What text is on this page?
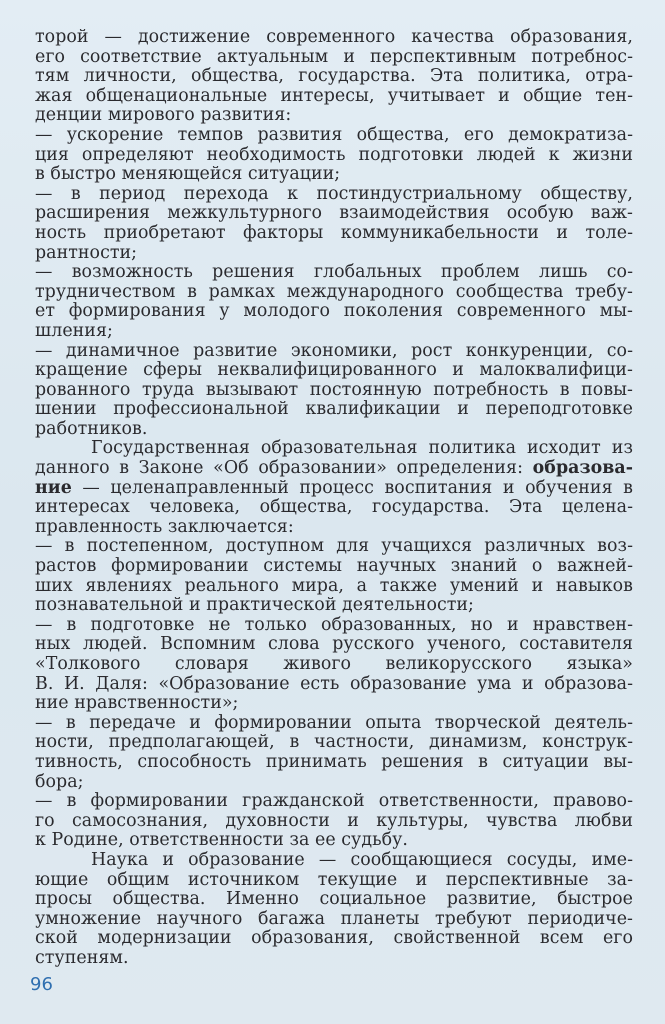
торой — достижение современного качества образования,
его соответствие актуальным и перспективным потребнос-
тям личности, общества, государства. Эта политика, отра-
жая общенациональные интересы, учитывает и общие тен-
денции мирового развития:
— ускорение темпов развития общества, его демократиза-
ция определяют необходимость подготовки людей к жизни
в быстро меняющейся ситуации;
— в период перехода к постиндустриальному обществу,
расширения межкультурного взаимодействия особую важ-
ность приобретают факторы коммуникабельности и толе-
рантности;
— возможность решения глобальных проблем лишь со-
трудничеством в рамках международного сообщества требу-
ет формирования у молодого поколения современного мы-
шления;
— динамичное развитие экономики, рост конкуренции, со-
кращение сферы неквалифицированного и малоквалифици-
рованного труда вызывают постоянную потребность в повы-
шении профессиональной квалификации и переподготовке
работников.
Государственная образовательная политика исходит из
данного в Законе «Об образовании» определения: образова-
ние — целенаправленный процесс воспитания и обучения в
интересах человека, общества, государства. Эта целена-
правленность заключается:
— в постепенном, доступном для учащихся различных воз-
растов формировании системы научных знаний о важней-
ших явлениях реального мира, а также умений и навыков
познавательной и практической деятельности;
— в подготовке не только образованных, но и нравствен-
ных людей. Вспомним слова русского ученого, составителя
«Толкового словаря живого великорусского языка»
В. И. Даля: «Образование есть образование ума и образова-
ние нравственности»;
— в передаче и формировании опыта творческой деятель-
ности, предполагающей, в частности, динамизм, конструк-
тивность, способность принимать решения в ситуации вы-
бора;
— в формировании гражданской ответственности, правово-
го самосознания, духовности и культуры, чувства любви
к Родине, ответственности за ее судьбу.
Наука и образование — сообщающиеся сосуды, име-
ющие общим источником текущие и перспективные за-
просы общества. Именно социальное развитие, быстрое
умножение научного багажа планеты требуют периодиче-
ской модернизации образования, свойственной всем его
ступеням.
96
